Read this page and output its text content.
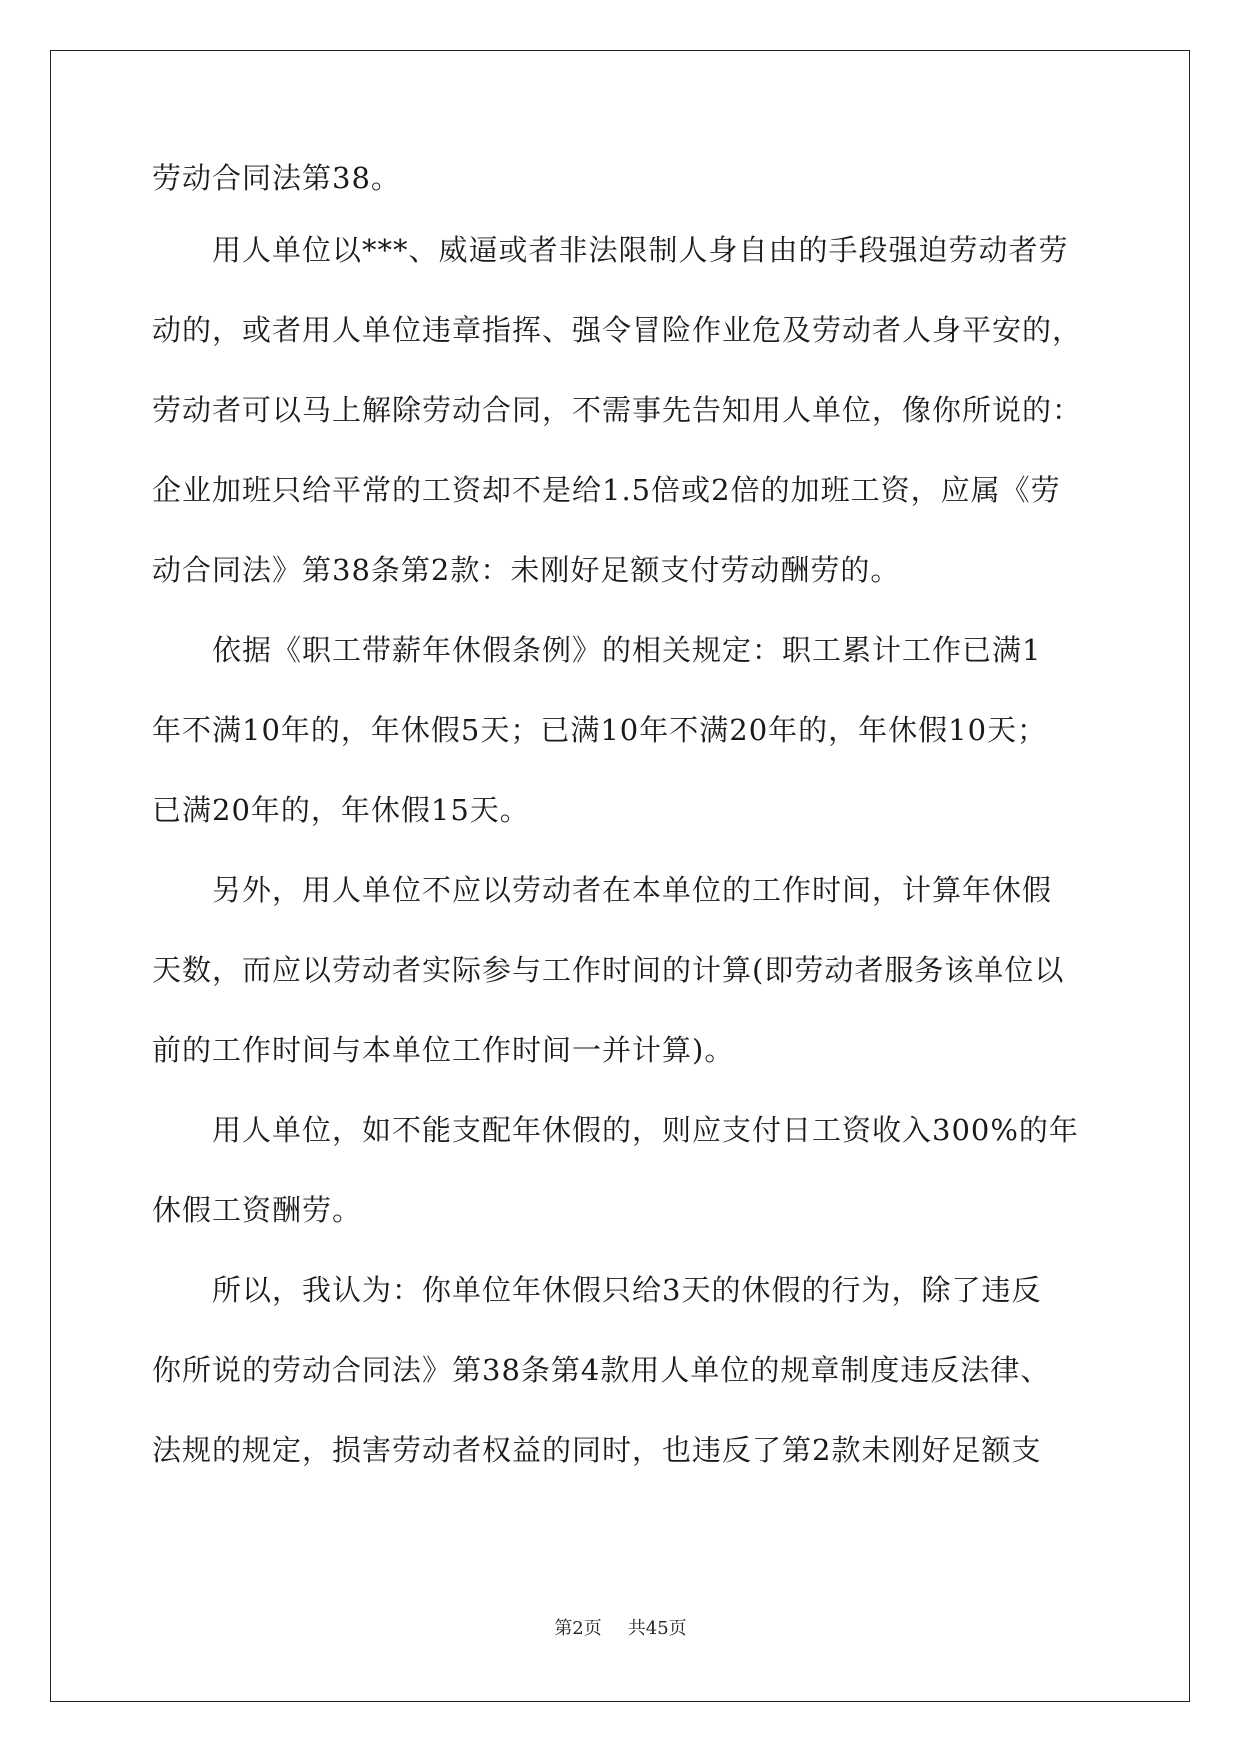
劳动合同法第38。
用人单位以***、威逼或者非法限制人身自由的手段强迫劳动者劳
动的，或者用人单位违章指挥、强令冒险作业危及劳动者人身平安的，
劳动者可以马上解除劳动合同，不需事先告知用人单位，像你所说的：
企业加班只给平常的工资却不是给1.5倍或2倍的加班工资，应属《劳
动合同法》第38条第2款：未刚好足额支付劳动酬劳的。
依据《职工带薪年休假条例》的相关规定：职工累计工作已满1
年不满10年的，年休假5天；已满10年不满20年的，年休假10天；
已满20年的，年休假15天。
另外，用人单位不应以劳动者在本单位的工作时间，计算年休假
天数，而应以劳动者实际参与工作时间的计算(即劳动者服务该单位以
前的工作时间与本单位工作时间一并计算)。
用人单位，如不能支配年休假的，则应支付日工资收入300%的年
休假工资酬劳。
所以，我认为：你单位年休假只给3天的休假的行为，除了违反
你所说的劳动合同法》第38条第4款用人单位的规章制度违反法律、
法规的规定，损害劳动者权益的同时，也违反了第2款未刚好足额支
第2页 共45页
